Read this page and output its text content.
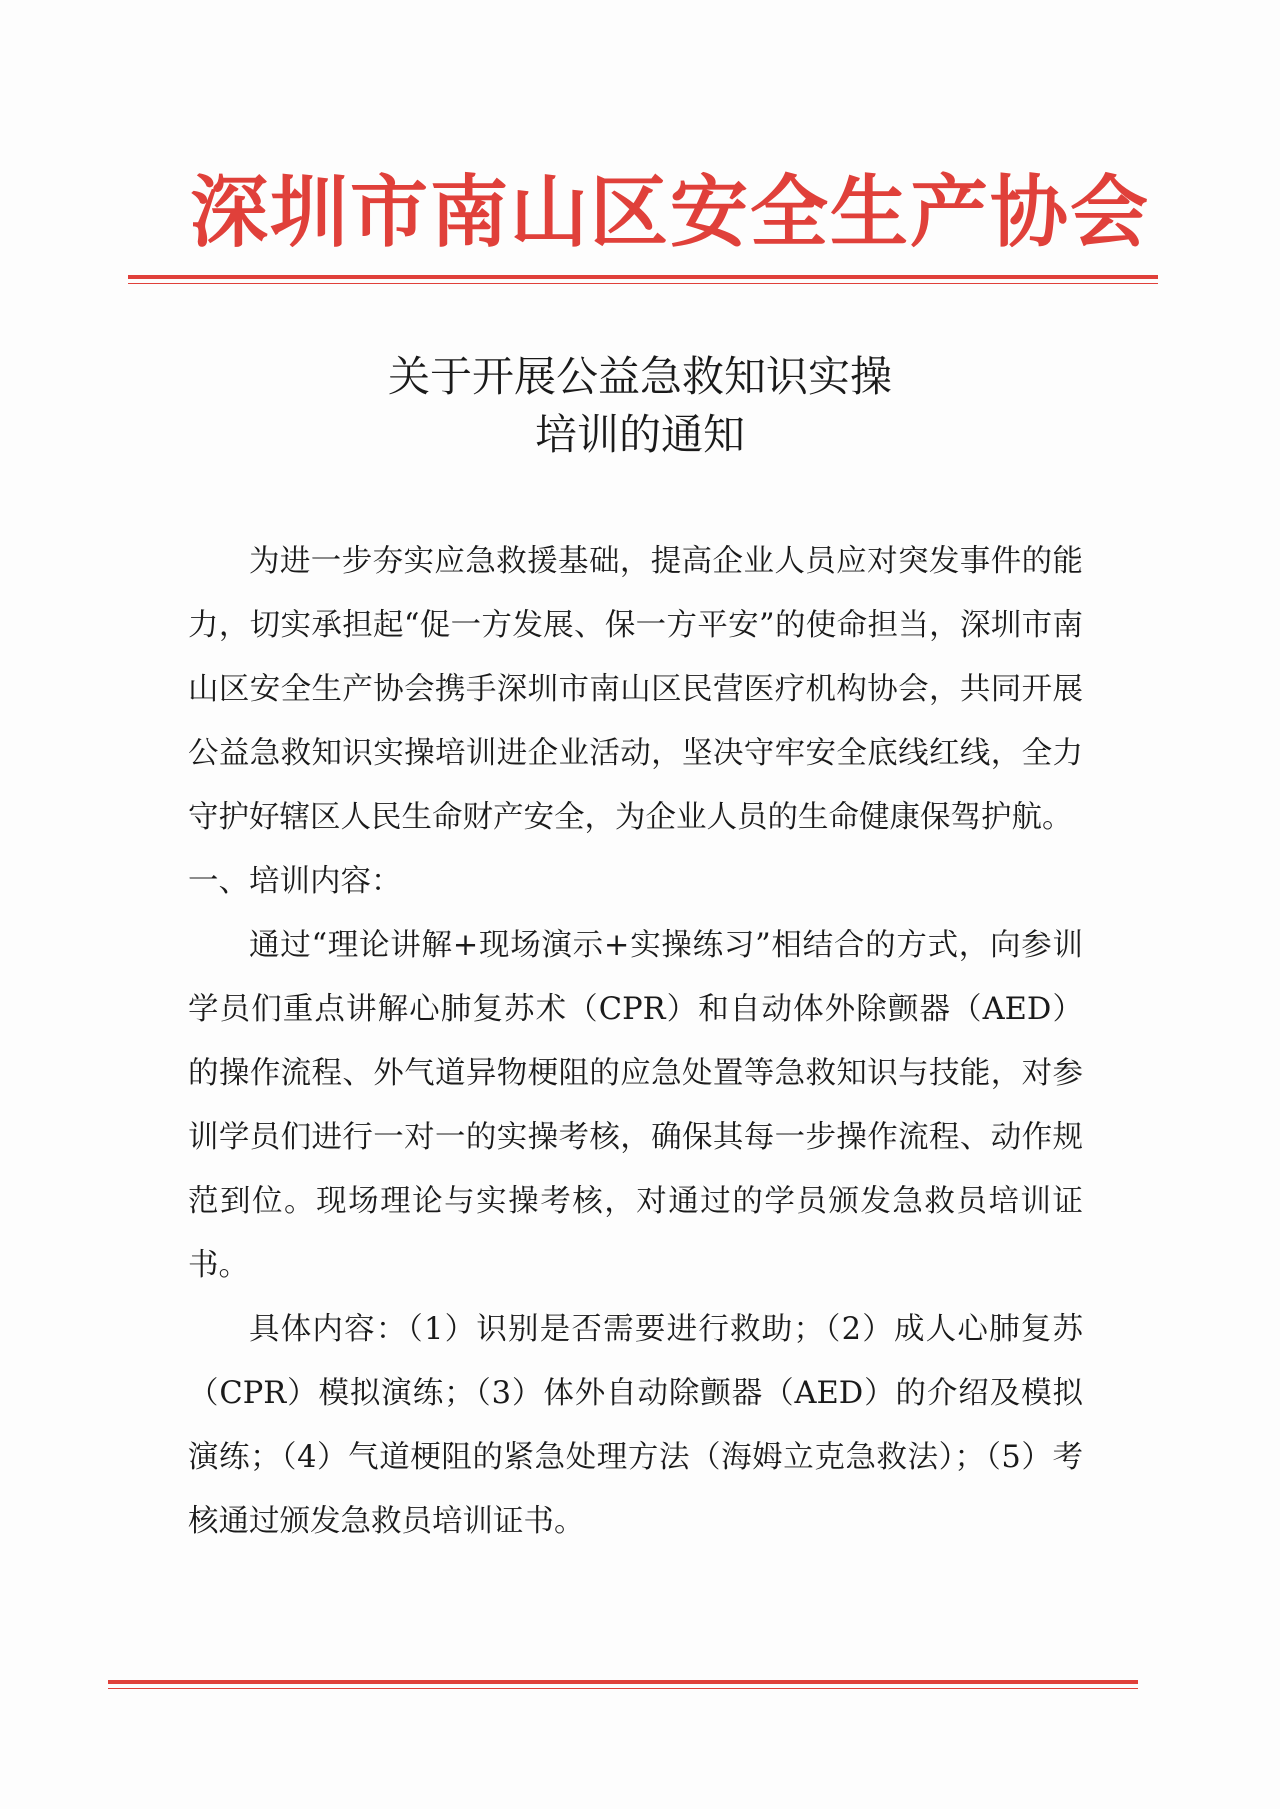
深圳市南山区安全生产协会
关于开展公益急救知识实操
培训的通知

为进一步夯实应急救援基础，提高企业人员应对突发事件的能力，切实承担起“促一方发展、保一方平安”的使命担当，深圳市南山区安全生产协会携手深圳市南山区民营医疗机构协会，共同开展公益急救知识实操培训进企业活动，坚决守牢安全底线红线，全力守护好辖区人民生命财产安全，为企业人员的生命健康保驾护航。

一、培训内容：

通过“理论讲解+现场演示+实操练习”相结合的方式，向参训学员们重点讲解心肺复苏术（CPR）和自动体外除颤器（AED）的操作流程、外气道异物梗阻的应急处置等急救知识与技能，对参训学员们进行一对一的实操考核，确保其每一步操作流程、动作规范到位。现场理论与实操考核，对通过的学员颁发急救员培训证书。

具体内容：（1）识别是否需要进行救助；（2）成人心肺复苏（CPR）模拟演练；（3）体外自动除颤器（AED）的介绍及模拟演练；（4）气道梗阻的紧急处理方法（海姆立克急救法）；（5）考核通过颁发急救员培训证书。
